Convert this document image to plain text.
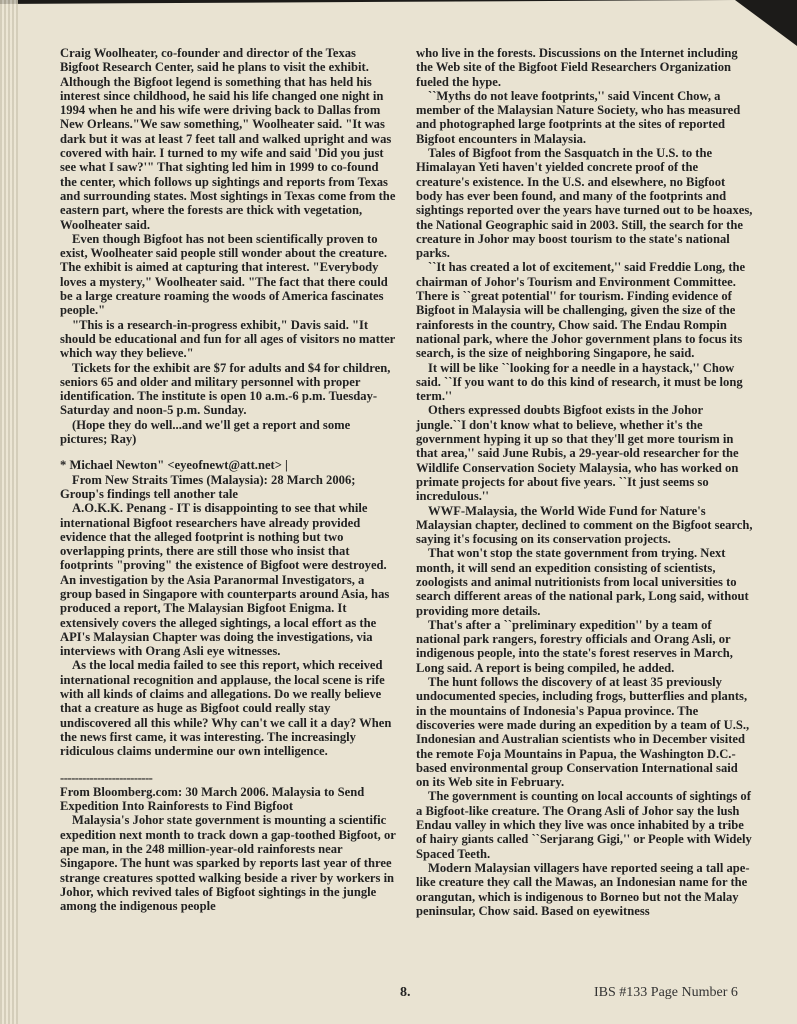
Craig Woolheater, co-founder and director of the Texas Bigfoot Research Center, said he plans to visit the exhibit. Although the Bigfoot legend is something that has held his interest since childhood, he said his life changed one night in 1994 when he and his wife were driving back to Dallas from New Orleans."We saw something," Woolheater said. "It was dark but it was at least 7 feet tall and walked upright and was covered with hair. I turned to my wife and said 'Did you just see what I saw?'" That sighting led him in 1999 to co-found the center, which follows up sightings and reports from Texas and surrounding states. Most sightings in Texas come from the eastern part, where the forests are thick with vegetation, Woolheater said.

Even though Bigfoot has not been scientifically proven to exist, Woolheater said people still wonder about the creature. The exhibit is aimed at capturing that interest. "Everybody loves a mystery," Woolheater said. "The fact that there could be a large creature roaming the woods of America fascinates people."

"This is a research-in-progress exhibit," Davis said. "It should be educational and fun for all ages of visitors no matter which way they believe."

Tickets for the exhibit are $7 for adults and $4 for children, seniors 65 and older and military personnel with proper identification. The institute is open 10 a.m.-6 p.m. Tuesday-Saturday and noon-5 p.m. Sunday.

(Hope they do well...and we'll get a report and some pictures; Ray)

* Michael Newton" <eyeofnewt@att.net> |

From New Straits Times (Malaysia): 28 March 2006; Group's findings tell another tale

A.O.K.K. Penang - IT is disappointing to see that while international Bigfoot researchers have already provided evidence that the alleged footprint is nothing but two overlapping prints, there are still those who insist that footprints "proving" the existence of Bigfoot were destroyed. An investigation by the Asia Paranormal Investigators, a group based in Singapore with counterparts around Asia, has produced a report, The Malaysian Bigfoot Enigma. It extensively covers the alleged sightings, a local effort as the API's Malaysian Chapter was doing the investigations, via interviews with Orang Asli eye witnesses.

As the local media failed to see this report, which received international recognition and applause, the local scene is rife with all kinds of claims and allegations. Do we really believe that a creature as huge as Bigfoot could really stay undiscovered all this while? Why can't we call it a day? When the news first came, it was interesting. The increasingly ridiculous claims undermine our own intelligence.

-------------------------

From Bloomberg.com: 30 March 2006. Malaysia to Send Expedition Into Rainforests to Find Bigfoot

Malaysia's Johor state government is mounting a scientific expedition next month to track down a gap-toothed Bigfoot, or ape man, in the 248 million-year-old rainforests near Singapore. The hunt was sparked by reports last year of three strange creatures spotted walking beside a river by workers in Johor, which revived tales of Bigfoot sightings in the jungle among the indigenous people

who live in the forests. Discussions on the Internet including the Web site of the Bigfoot Field Researchers Organization fueled the hype.

``Myths do not leave footprints,'' said Vincent Chow, a member of the Malaysian Nature Society, who has measured and photographed large footprints at the sites of reported Bigfoot encounters in Malaysia.

Tales of Bigfoot from the Sasquatch in the U.S. to the Himalayan Yeti haven't yielded concrete proof of the creature's existence. In the U.S. and elsewhere, no Bigfoot body has ever been found, and many of the footprints and sightings reported over the years have turned out to be hoaxes, the National Geographic said in 2003. Still, the search for the creature in Johor may boost tourism to the state's national parks.

``It has created a lot of excitement,'' said Freddie Long, the chairman of Johor's Tourism and Environment Committee. There is ``great potential'' for tourism. Finding evidence of Bigfoot in Malaysia will be challenging, given the size of the rainforests in the country, Chow said. The Endau Rompin national park, where the Johor government plans to focus its search, is the size of neighboring Singapore, he said.

It will be like ``looking for a needle in a haystack,'' Chow said. ``If you want to do this kind of research, it must be long term.''

Others expressed doubts Bigfoot exists in the Johor jungle.``I don't know what to believe, whether it's the government hyping it up so that they'll get more tourism in that area,'' said June Rubis, a 29-year-old researcher for the Wildlife Conservation Society Malaysia, who has worked on primate projects for about five years. ``It just seems so incredulous.''

WWF-Malaysia, the World Wide Fund for Nature's Malaysian chapter, declined to comment on the Bigfoot search, saying it's focusing on its conservation projects.

That won't stop the state government from trying. Next month, it will send an expedition consisting of scientists, zoologists and animal nutritionists from local universities to search different areas of the national park, Long said, without providing more details.

That's after a ``preliminary expedition'' by a team of national park rangers, forestry officials and Orang Asli, or indigenous people, into the state's forest reserves in March, Long said. A report is being compiled, he added.

The hunt follows the discovery of at least 35 previously undocumented species, including frogs, butterflies and plants, in the mountains of Indonesia's Papua province. The discoveries were made during an expedition by a team of U.S., Indonesian and Australian scientists who in December visited the remote Foja Mountains in Papua, the Washington D.C.-based environmental group Conservation International said on its Web site in February.

The government is counting on local accounts of sightings of a Bigfoot-like creature. The Orang Asli of Johor say the lush Endau valley in which they live was once inhabited by a tribe of hairy giants called ``Serjarang Gigi,'' or People with Widely Spaced Teeth.

Modern Malaysian villagers have reported seeing a tall ape- like creature they call the Mawas, an Indonesian name for the orangutan, which is indigenous to Borneo but not the Malay peninsular, Chow said. Based on eyewitness

8.	IBS #133 Page Number 6
